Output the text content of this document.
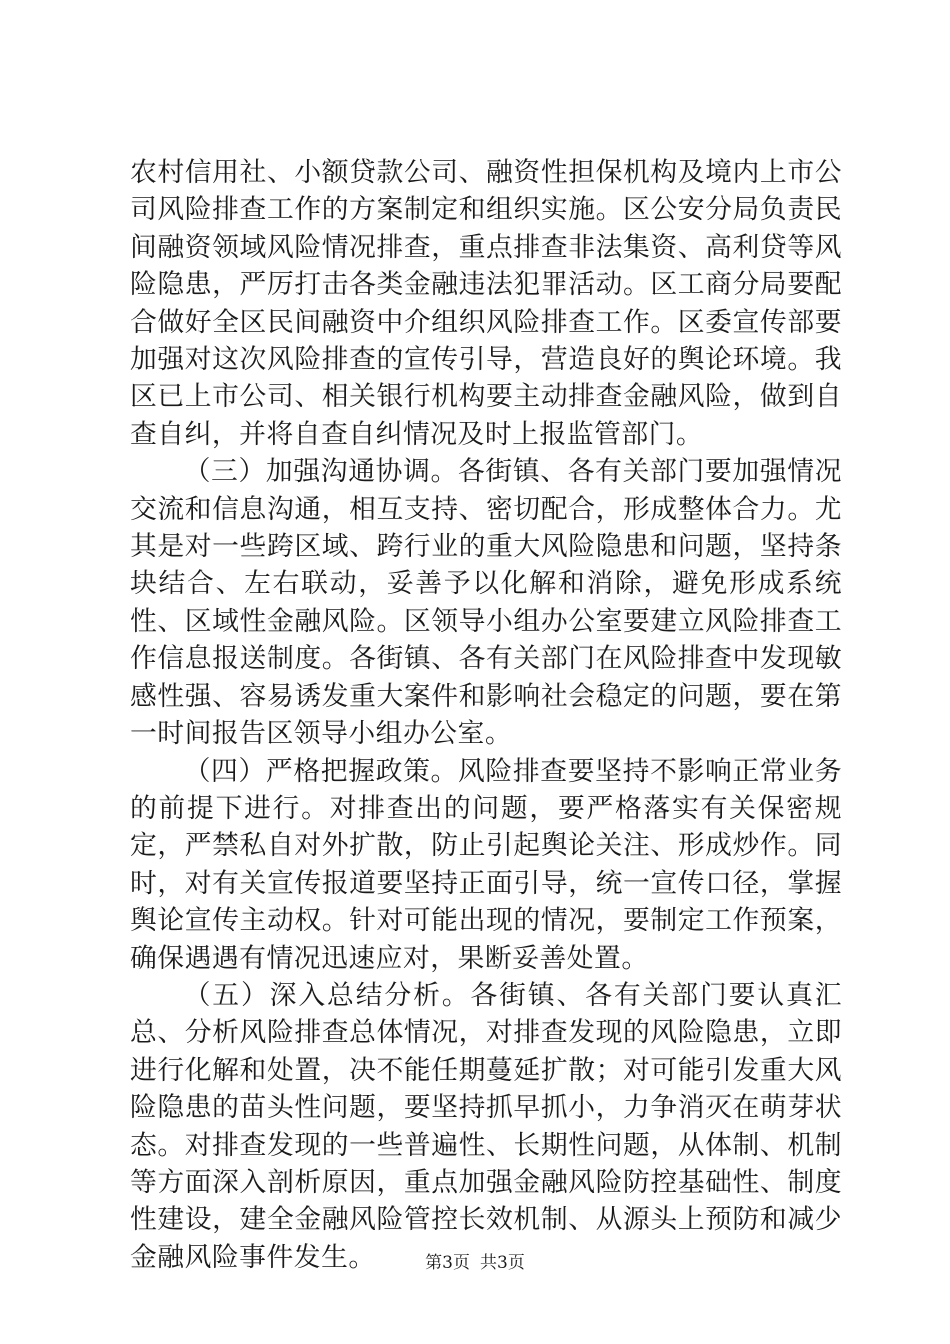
农村信用社、小额贷款公司、融资性担保机构及境内上市公司风险排查工作的方案制定和组织实施。区公安分局负责民间融资领域风险情况排查，重点排查非法集资、高利贷等风险隐患，严厉打击各类金融违法犯罪活动。区工商分局要配合做好全区民间融资中介组织风险排查工作。区委宣传部要加强对这次风险排查的宣传引导，营造良好的舆论环境。我区已上市公司、相关银行机构要主动排查金融风险，做到自查自纠，并将自查自纠情况及时上报监管部门。

（三）加强沟通协调。各街镇、各有关部门要加强情况交流和信息沟通，相互支持、密切配合，形成整体合力。尤其是对一些跨区域、跨行业的重大风险隐患和问题，坚持条块结合、左右联动，妥善予以化解和消除，避免形成系统性、区域性金融风险。区领导小组办公室要建立风险排查工作信息报送制度。各街镇、各有关部门在风险排查中发现敏感性强、容易诱发重大案件和影响社会稳定的问题，要在第一时间报告区领导小组办公室。

（四）严格把握政策。风险排查要坚持不影响正常业务的前提下进行。对排查出的问题，要严格落实有关保密规定，严禁私自对外扩散，防止引起舆论关注、形成炒作。同时，对有关宣传报道要坚持正面引导，统一宣传口径，掌握舆论宣传主动权。针对可能出现的情况，要制定工作预案，确保遇遇有情况迅速应对，果断妥善处置。

（五）深入总结分析。各街镇、各有关部门要认真汇总、分析风险排查总体情况，对排查发现的风险隐患，立即进行化解和处置，决不能任期蔓延扩散；对可能引发重大风险隐患的苗头性问题，要坚持抓早抓小，力争消灭在萌芽状态。对排查发现的一些普遍性、长期性问题，从体制、机制等方面深入剖析原因，重点加强金融风险防控基础性、制度性建设，建全金融风险管控长效机制、从源头上预防和减少金融风险事件发生。	第3页 共3页
